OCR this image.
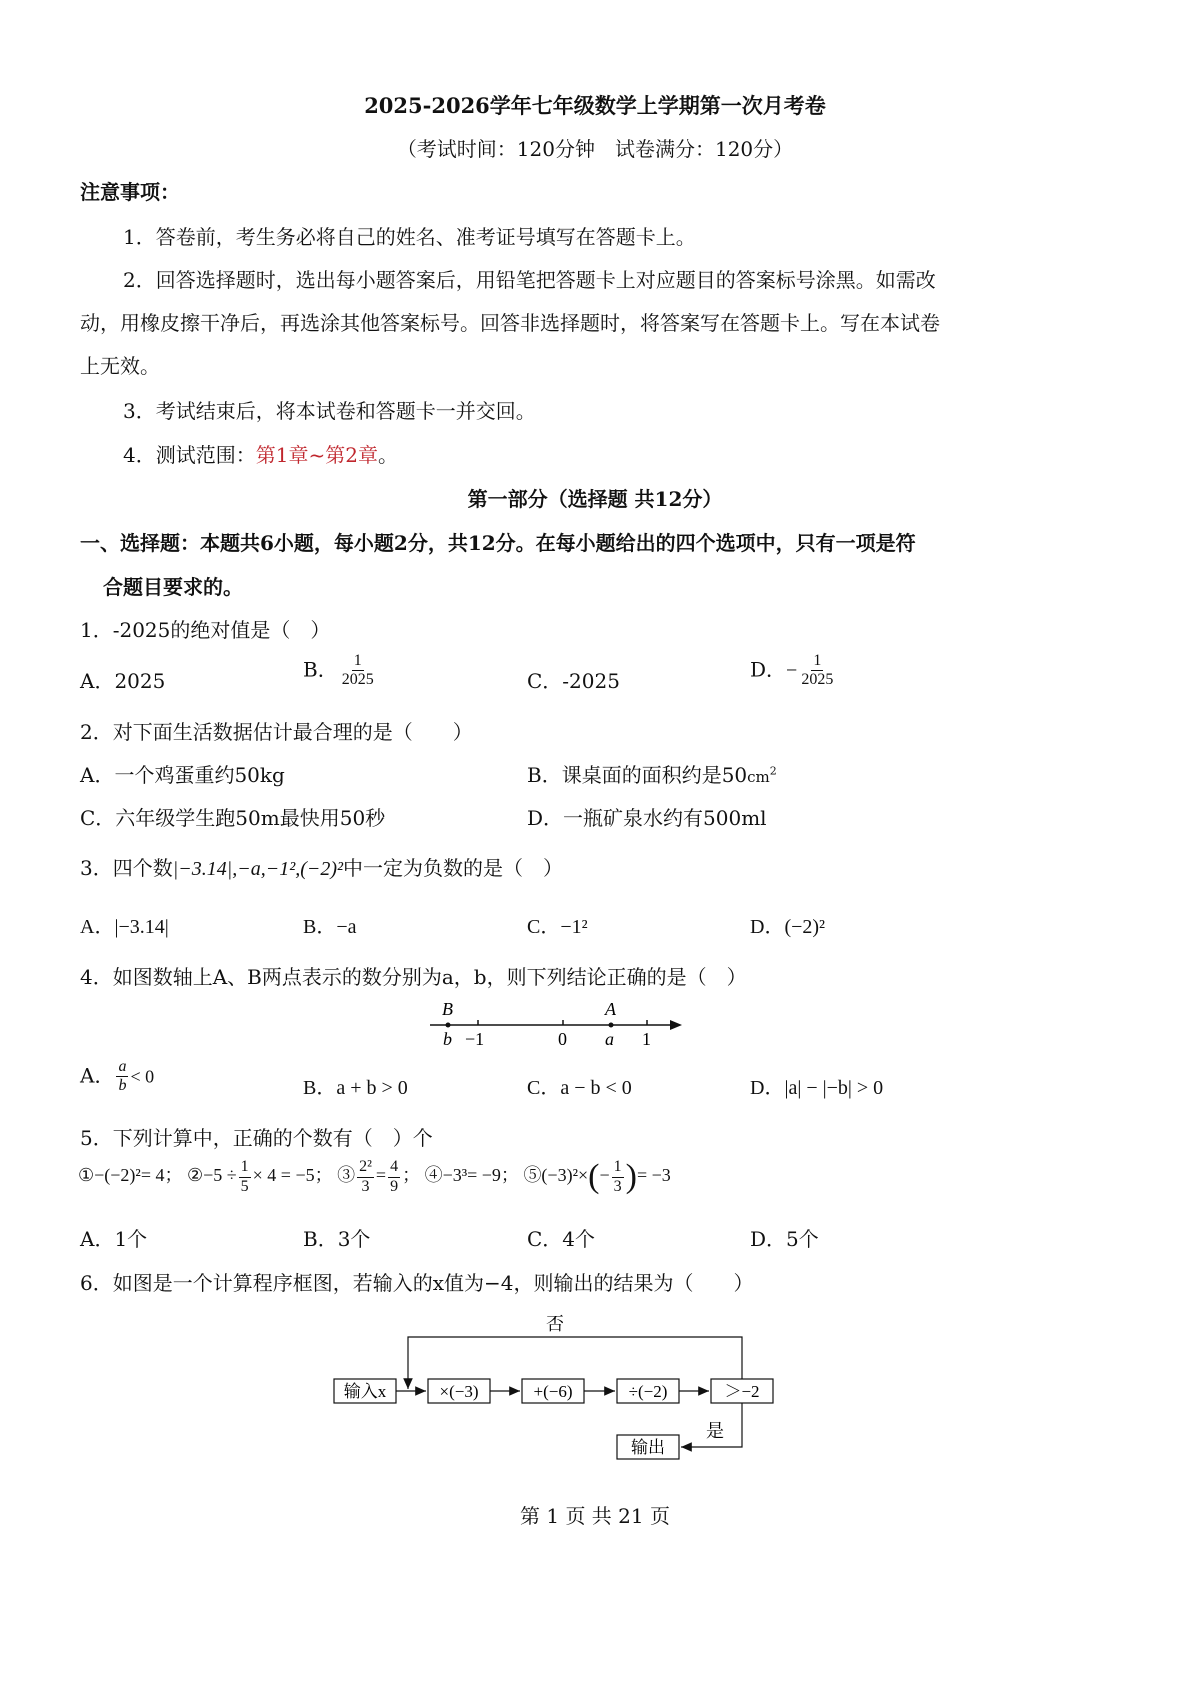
2025-2026学年七年级数学上学期第一次月考卷
（考试时间：120分钟　试卷满分：120分）
注意事项：
1．答卷前，考生务必将自己的姓名、准考证号填写在答题卡上。
2．回答选择题时，选出每小题答案后，用铅笔把答题卡上对应题目的答案标号涂黑。如需改
动，用橡皮擦干净后，再选涂其他答案标号。回答非选择题时，将答案写在答题卡上。写在本试卷
上无效。
3．考试结束后，将本试卷和答题卡一并交回。
4．测试范围：第1章~第2章。
第一部分（选择题 共12分）
一、选择题：本题共6小题，每小题2分，共12分。在每小题给出的四个选项中，只有一项是符
合题目要求的。
1．-2025的绝对值是（　）
A．2025	B． $\frac{1}{2025}$	C．-2025	D．− $\frac{1}{2025}$
2．对下面生活数据估计最合理的是（　　）
A．一个鸡蛋重约50kg	B．课桌面的面积约是$50cm^2$
C．六年级学生跑50m最快用50秒	D．一瓶矿泉水约有500ml
3．四个数|−3.14|,−a,−1²,(−2)²中一定为负数的是（　）
A．|−3.14|	B．−a	C．−1²	D．(−2)²
4．如图数轴上A、B两点表示的数分别为a，b，则下列结论正确的是（　）
B	A
b −1	0 a 1
A． $\frac{a}{b} < 0$
B．a + b > 0	C．a − b < 0	D．|a| − |−b| > 0
5．下列计算中，正确的个数有（　）个
①−(−2)²= 4； ②−5 ÷ $\frac{1}{5} \times 4 = -5$； ③ $\frac{\text{2²}}{3} = \frac{4}{9}$ ； ④−3³= −9； ⑤(−3)²×(− $\frac{1}{3}$ )= −3
A．1个	B．3个	C．4个	D．5个
6．如图是一个计算程序框图，若输入的x值为−4，则输出的结果为（　　）
输入x	×(−3)	+(−6)	÷(−2)	＞−2
输出
否
是
第 1 页 共 21 页
